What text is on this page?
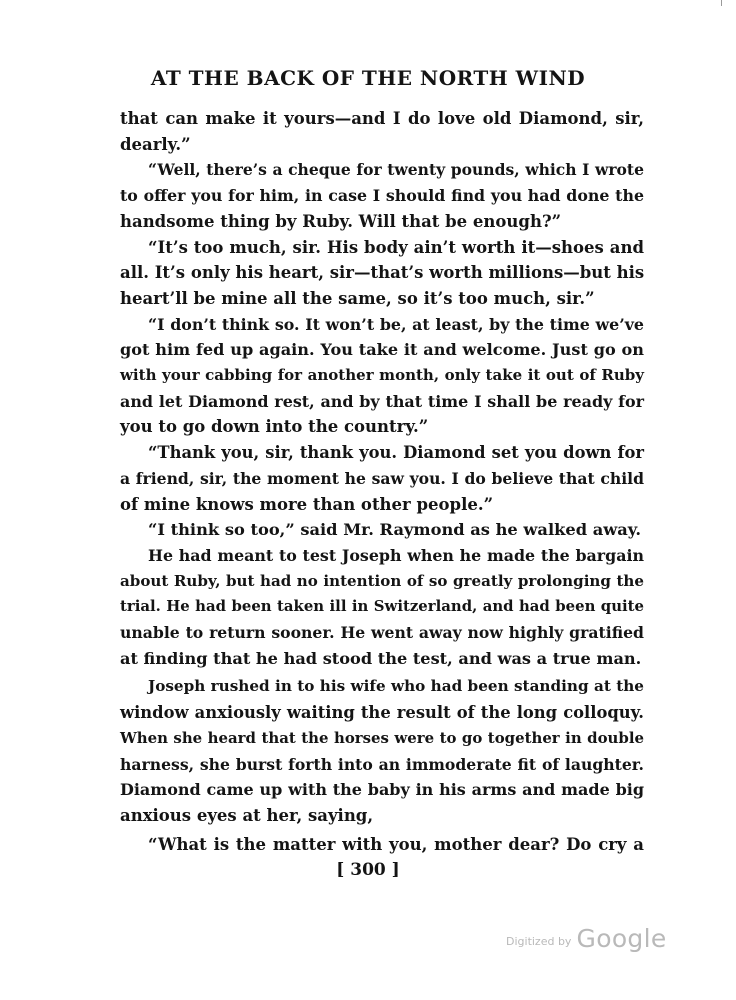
AT THE BACK OF THE NORTH WIND
that can make it yours—and I do love old Diamond, sir,
dearly.”
“Well, there’s a cheque for twenty pounds, which I wrote
to offer you for him, in case I should find you had done the
handsome thing by Ruby. Will that be enough?”
“It’s too much, sir. His body ain’t worth it—shoes and
all. It’s only his heart, sir—that’s worth millions—but his
heart’ll be mine all the same, so it’s too much, sir.”
“I don’t think so. It won’t be, at least, by the time we’ve
got him fed up again. You take it and welcome. Just go on
with your cabbing for another month, only take it out of Ruby
and let Diamond rest, and by that time I shall be ready for
you to go down into the country.”
“Thank you, sir, thank you. Diamond set you down for
a friend, sir, the moment he saw you. I do believe that child
of mine knows more than other people.”
“I think so too,” said Mr. Raymond as he walked away.
He had meant to test Joseph when he made the bargain
about Ruby, but had no intention of so greatly prolonging the
trial. He had been taken ill in Switzerland, and had been quite
unable to return sooner. He went away now highly gratified
at finding that he had stood the test, and was a true man.
Joseph rushed in to his wife who had been standing at the
window anxiously waiting the result of the long colloquy.
When she heard that the horses were to go together in double
harness, she burst forth into an immoderate fit of laughter.
Diamond came up with the baby in his arms and made big
anxious eyes at her, saying,
“What is the matter with you, mother dear? Do cry a
[ 300 ]
Digitized by Google
